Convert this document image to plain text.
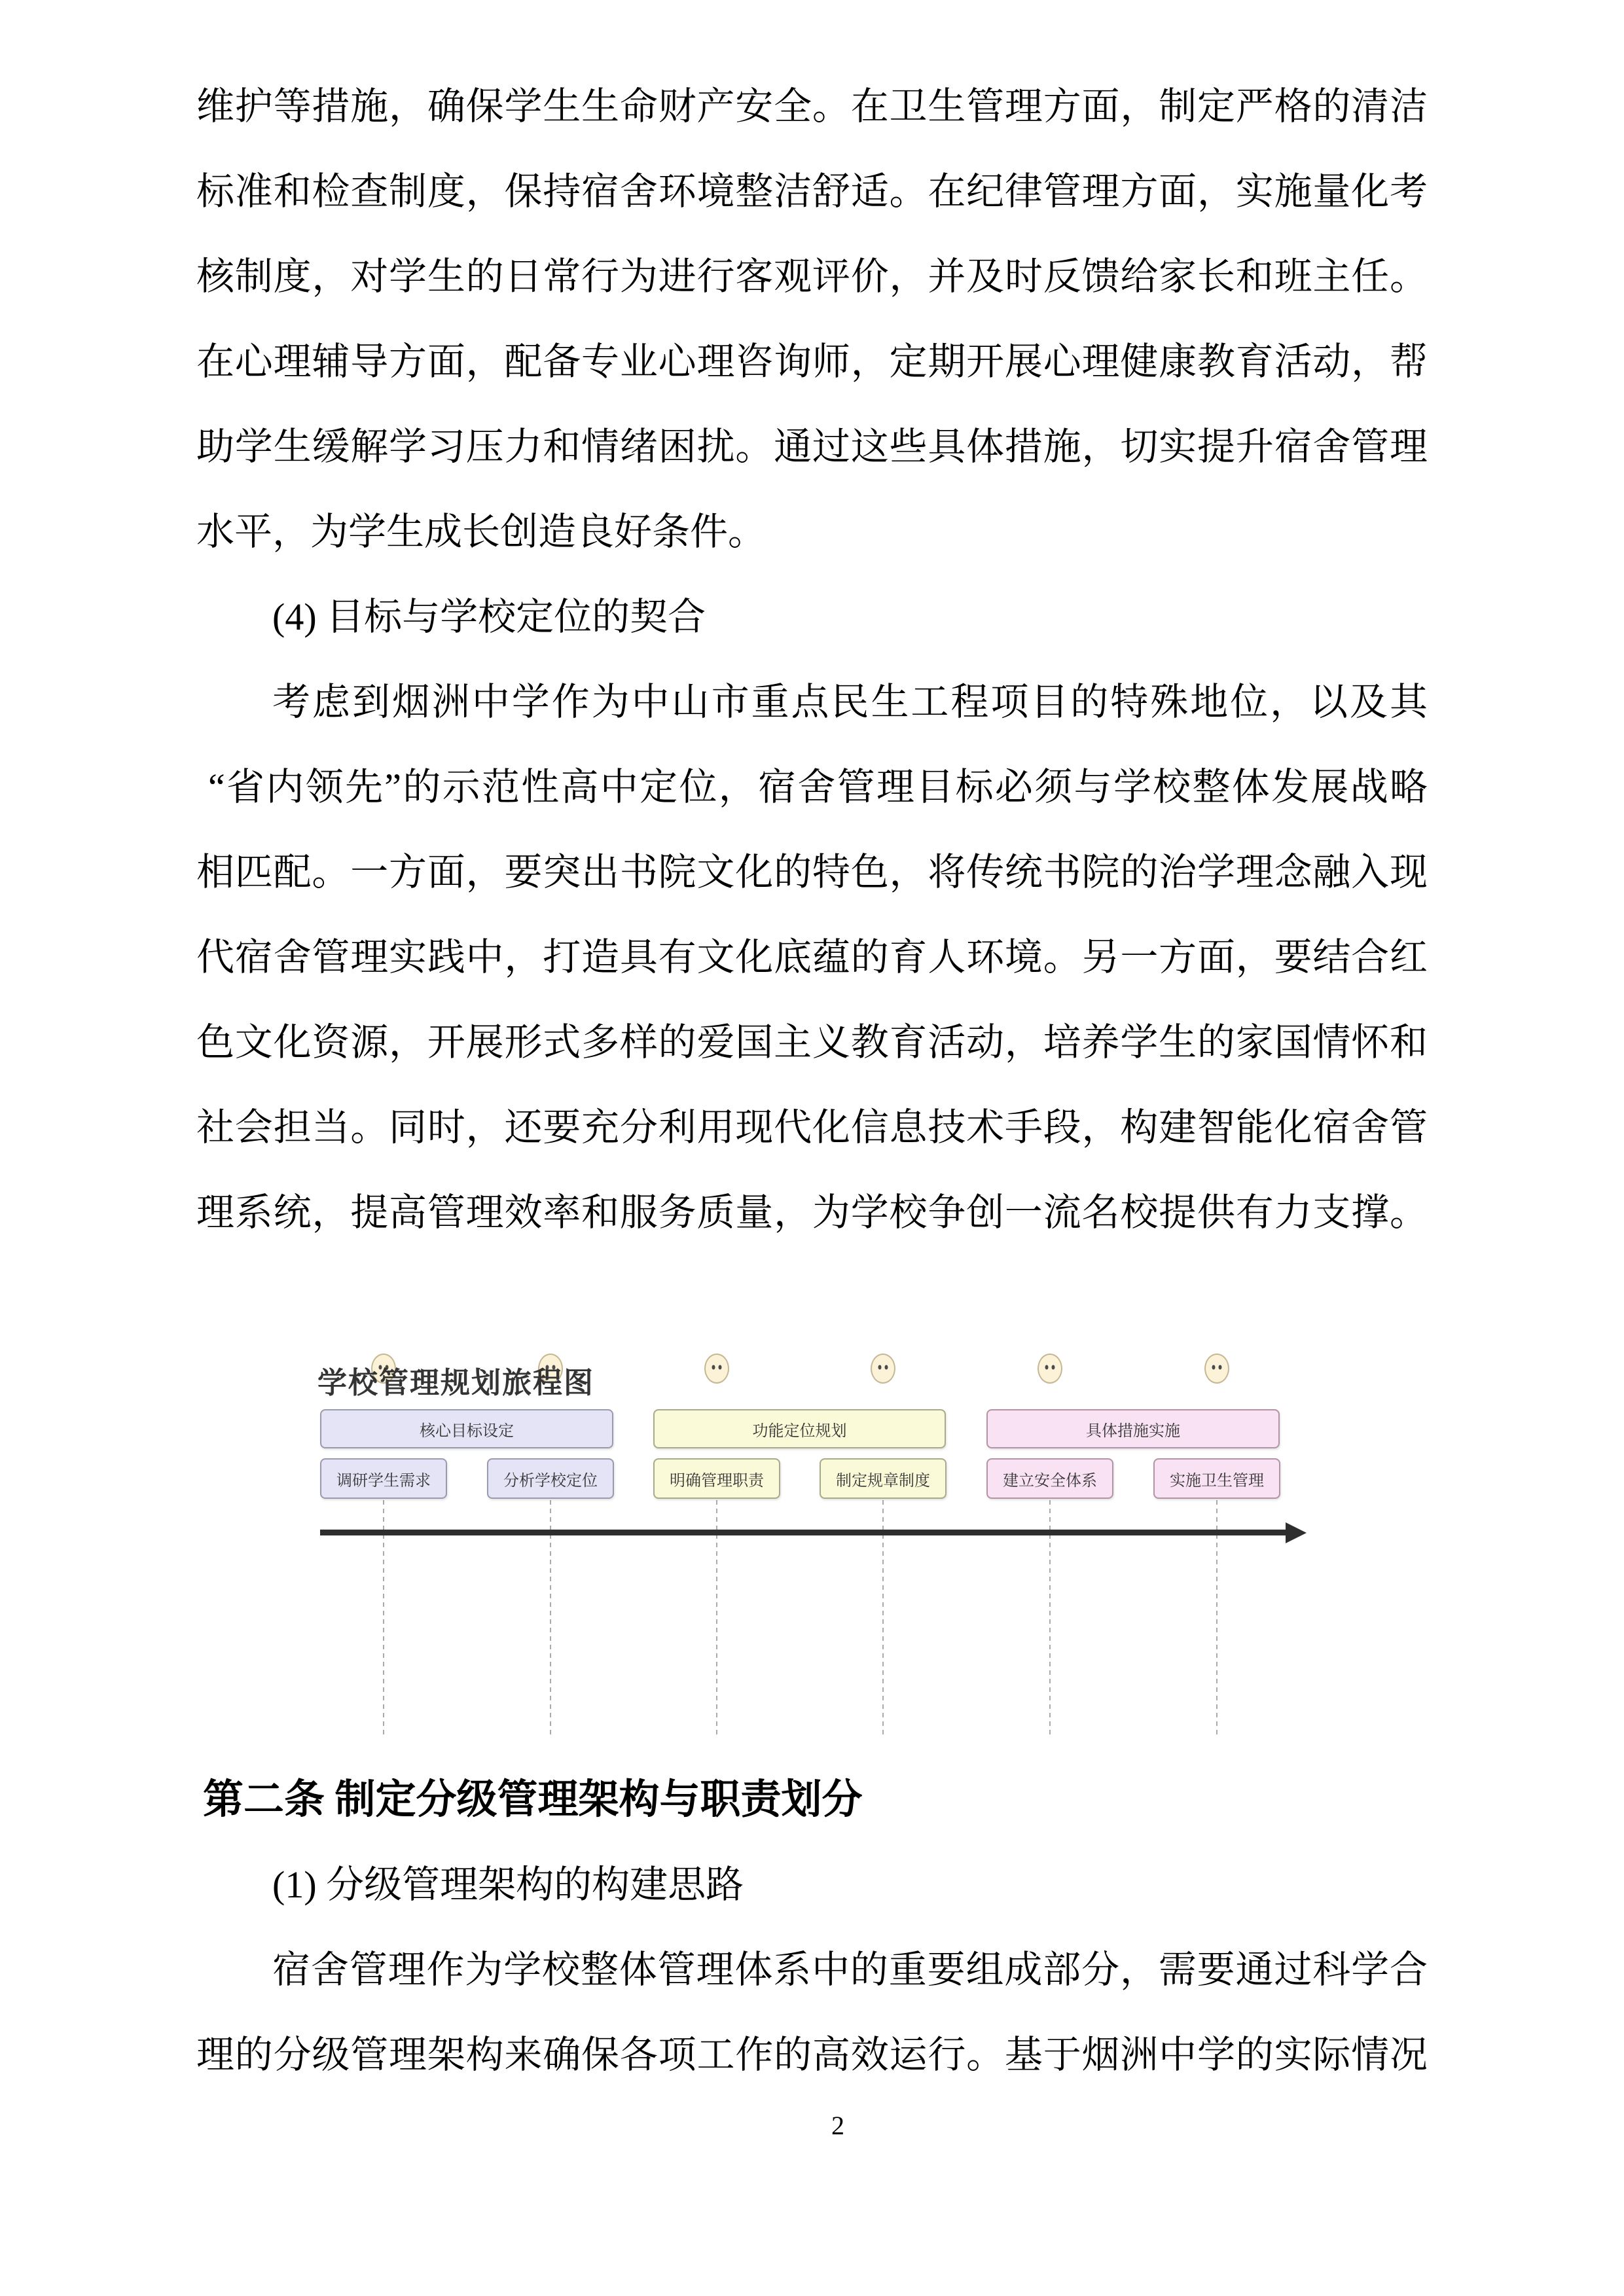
维护等措施，确保学生生命财产安全。在卫生管理方面，制定严格的清洁
标准和检查制度，保持宿舍环境整洁舒适。在纪律管理方面，实施量化考
核制度，对学生的日常行为进行客观评价，并及时反馈给家长和班主任。
在心理辅导方面，配备专业心理咨询师，定期开展心理健康教育活动，帮
助学生缓解学习压力和情绪困扰。通过这些具体措施，切实提升宿舍管理
水平，为学生成长创造良好条件。
(4) 目标与学校定位的契合
考虑到烟洲中学作为中山市重点民生工程项目的特殊地位，以及其
“省内领先”的示范性高中定位，宿舍管理目标必须与学校整体发展战略
相匹配。一方面，要突出书院文化的特色，将传统书院的治学理念融入现
代宿舍管理实践中，打造具有文化底蕴的育人环境。另一方面，要结合红
色文化资源，开展形式多样的爱国主义教育活动，培养学生的家国情怀和
社会担当。同时，还要充分利用现代化信息技术手段，构建智能化宿舍管
理系统，提高管理效率和服务质量，为学校争创一流名校提供有力支撑。
学校管理规划旅程图
核心目标设定	功能定位规划	具体措施实施
调研学生需求	分析学校定位	明确管理职责	制定规章制度	建立安全体系	实施卫生管理
第二条 制定分级管理架构与职责划分
(1) 分级管理架构的构建思路
宿舍管理作为学校整体管理体系中的重要组成部分，需要通过科学合
理的分级管理架构来确保各项工作的高效运行。基于烟洲中学的实际情况
2
